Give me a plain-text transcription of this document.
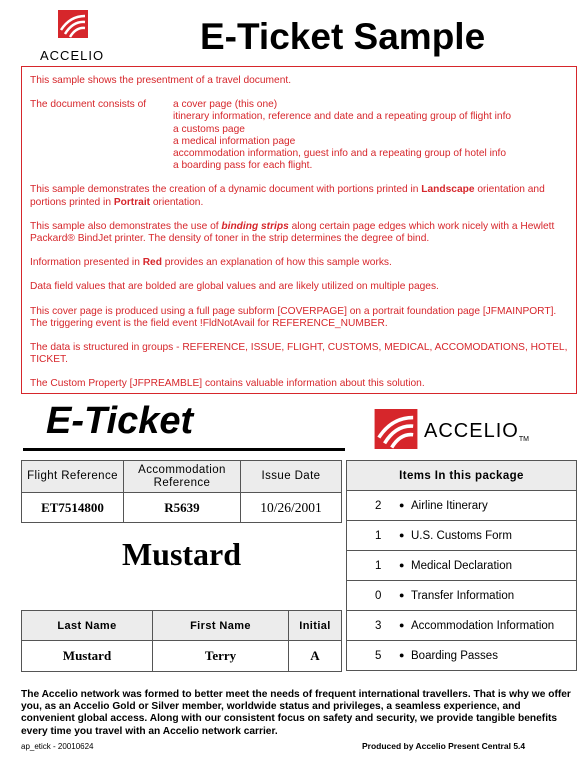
ACCELIO	E-Ticket Sample

This sample shows the presentment of a travel document.

The document consists of	a cover page (this one)
itinerary information, reference and date and a repeating group of flight info
a customs page
a medical information page
accommodation information, guest info and a repeating group of hotel info
a boarding pass for each flight.

This sample demonstrates the creation of a dynamic document with portions printed in Landscape orientation and portions printed in Portrait orientation.

This sample also demonstrates the use of binding strips along certain page edges which work nicely with a Hewlett Packard® BindJet printer. The density of toner in the strip determines the degree of bind.

Information presented in Red provides an explanation of how this sample works.

Data field values that are bolded are global values and are likely utilized on multiple pages.

This cover page is produced using a full page subform [COVERPAGE] on a portrait foundation page [JFMAINPORT]. The triggering event is the field event !FldNotAvail for REFERENCE_NUMBER.

The data is structured in groups - REFERENCE, ISSUE, FLIGHT, CUSTOMS, MEDICAL, ACCOMODATIONS, HOTEL, TICKET.

The Custom Property [JFPREAMBLE] contains valuable information about this solution.

E-Ticket	ACCELIOTM
Flight Reference	Accommodation Reference	Issue Date
ET7514800	R5639	10/26/2001
Mustard
Last Name	First Name	Initial
Mustard	Terry	A
Items In this package
2 ● Airline Itinerary
1 ● U.S. Customs Form
1 ● Medical Declaration
0 ● Transfer Information
3 ● Accommodation Information
5 ● Boarding Passes
The Accelio network was formed to better meet the needs of frequent international travellers. That is why we offer you, as an Accelio Gold or Silver member, worldwide status and privileges, a seamless experience, and convenient global access. Along with our consistent focus on safety and security, we provide tangible benefits every time you travel with an Accelio network carrier.
ap_etick - 20010624	Produced by Accelio Present Central 5.4
